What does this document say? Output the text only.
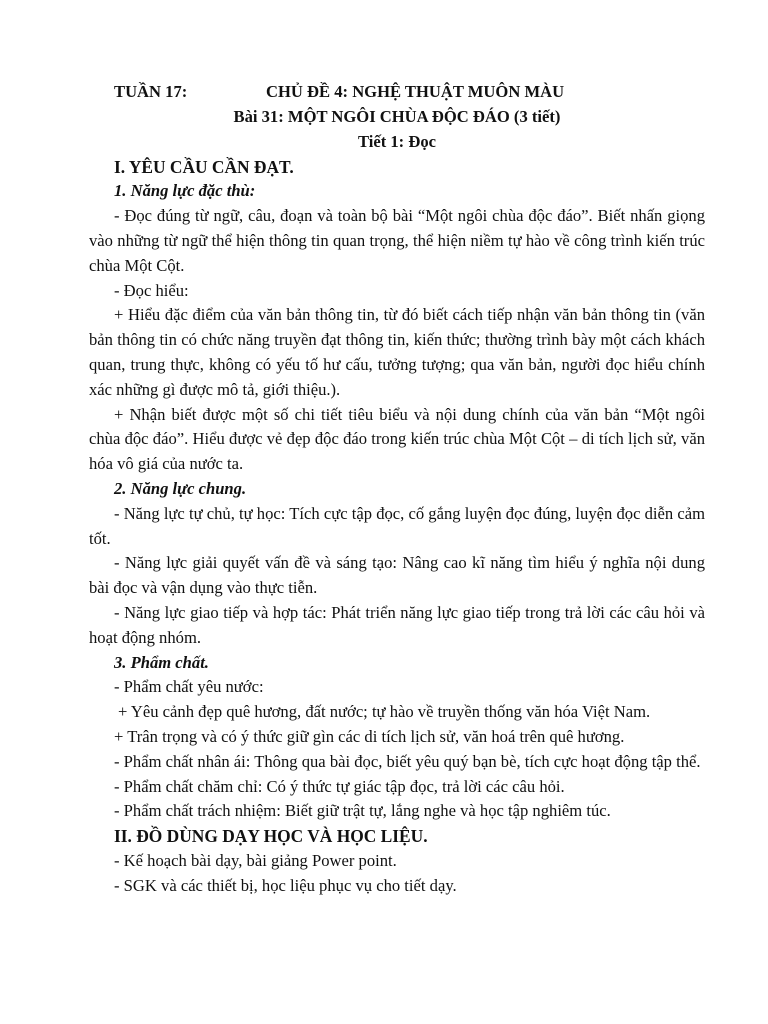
TUẦN 17:	CHỦ ĐỀ 4: NGHỆ THUẬT MUÔN MÀU
Bài 31: MỘT NGÔI CHÙA ĐỘC ĐÁO (3 tiết)
Tiết 1: Đọc
I. YÊU CẦU CẦN ĐẠT.
1. Năng lực đặc thù:
- Đọc đúng từ ngữ, câu, đoạn và toàn bộ bài “Một ngôi chùa độc đáo”. Biết nhấn giọng vào những từ ngữ thể hiện thông tin quan trọng, thể hiện niềm tự hào về công trình kiến trúc chùa Một Cột.
- Đọc hiểu:
+ Hiểu đặc điểm của văn bản thông tin, từ đó biết cách tiếp nhận văn bản thông tin (văn bản thông tin có chức năng truyền đạt thông tin, kiến thức; thường trình bày một cách khách quan, trung thực, không có yếu tố hư cấu, tưởng tượng; qua văn bản, người đọc hiểu chính xác những gì được mô tả, giới thiệu.).
+ Nhận biết được một số chi tiết tiêu biểu và nội dung chính của văn bản “Một ngôi chùa độc đáo”. Hiểu được vẻ đẹp độc đáo trong kiến trúc chùa Một Cột – di tích lịch sử, văn hóa vô giá của nước ta.
2. Năng lực chung.
- Năng lực tự chủ, tự học: Tích cực tập đọc, cố gắng luyện đọc đúng, luyện đọc diễn cảm tốt.
- Năng lực giải quyết vấn đề và sáng tạo: Nâng cao kĩ năng tìm hiểu ý nghĩa nội dung bài đọc và vận dụng vào thực tiễn.
- Năng lực giao tiếp và hợp tác: Phát triển năng lực giao tiếp trong trả lời các câu hỏi và hoạt động nhóm.
3. Phẩm chất.
- Phẩm chất yêu nước:
+ Yêu cảnh đẹp quê hương, đất nước; tự hào về truyền thống văn hóa Việt Nam.
+ Trân trọng và có ý thức giữ gìn các di tích lịch sử, văn hoá trên quê hương.
- Phẩm chất nhân ái: Thông qua bài đọc, biết yêu quý bạn bè, tích cực hoạt động tập thể.
- Phẩm chất chăm chỉ: Có ý thức tự giác tập đọc, trả lời các câu hỏi.
- Phẩm chất trách nhiệm: Biết giữ trật tự, lắng nghe và học tập nghiêm túc.
II. ĐỒ DÙNG DẠY HỌC VÀ HỌC LIỆU.
- Kế hoạch bài dạy, bài giảng Power point.
- SGK và các thiết bị, học liệu phục vụ cho tiết dạy.
